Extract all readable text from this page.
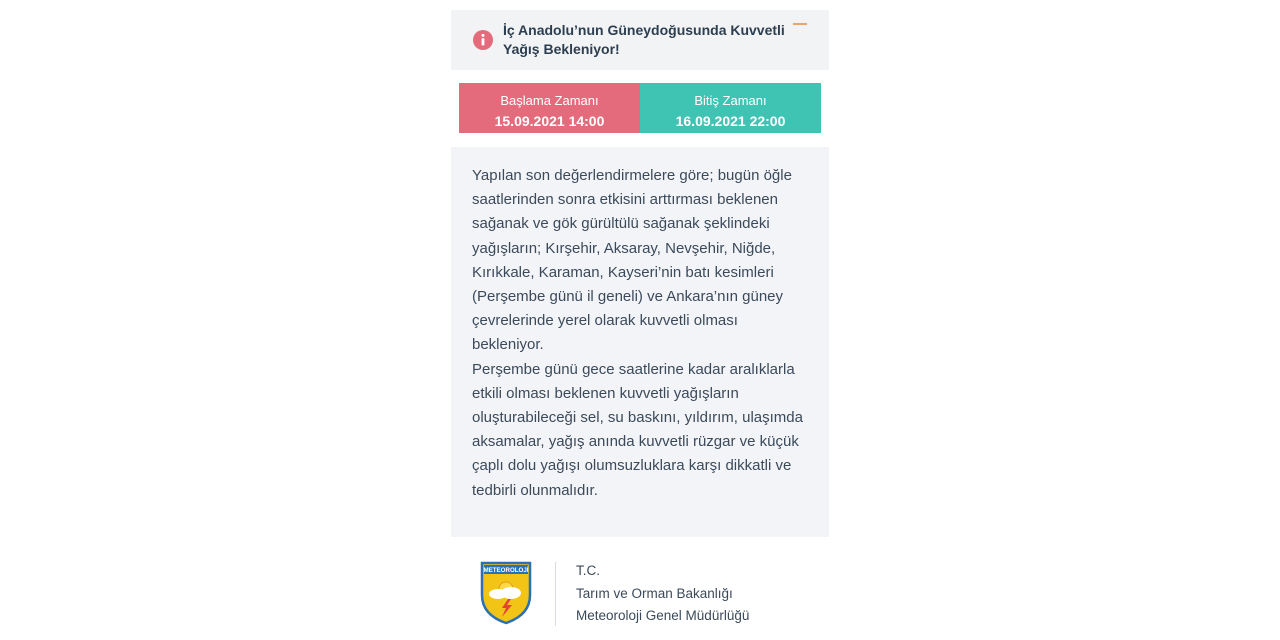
İç Anadolu’nun Güneydoğusunda Kuvvetli Yağış Bekleniyor!
Başlama Zamanı
15.09.2021 14:00
Bitiş Zamanı
16.09.2021 22:00

Yapılan son değerlendirmelere göre; bugün öğle saatlerinden sonra etkisini arttırması beklenen sağanak ve gök gürültülü sağanak şeklindeki yağışların; Kırşehir, Aksaray, Nevşehir, Niğde, Kırıkkale, Karaman, Kayseri’nin batı kesimleri (Perşembe günü il geneli) ve Ankara’nın güney çevrelerinde yerel olarak kuvvetli olması bekleniyor.

Perşembe günü gece saatlerine kadar aralıklarla etkili olması beklenen kuvvetli yağışların oluşturabileceği sel, su baskını, yıldırım, ulaşımda aksamalar, yağış anında kuvvetli rüzgar ve küçük çaplı dolu yağışı olumsuzluklara karşı dikkatli ve tedbirli olunmalıdır.

METEOROLOJİ	T.C.
Tarım ve Orman Bakanlığı
Meteoroloji Genel Müdürlüğü
